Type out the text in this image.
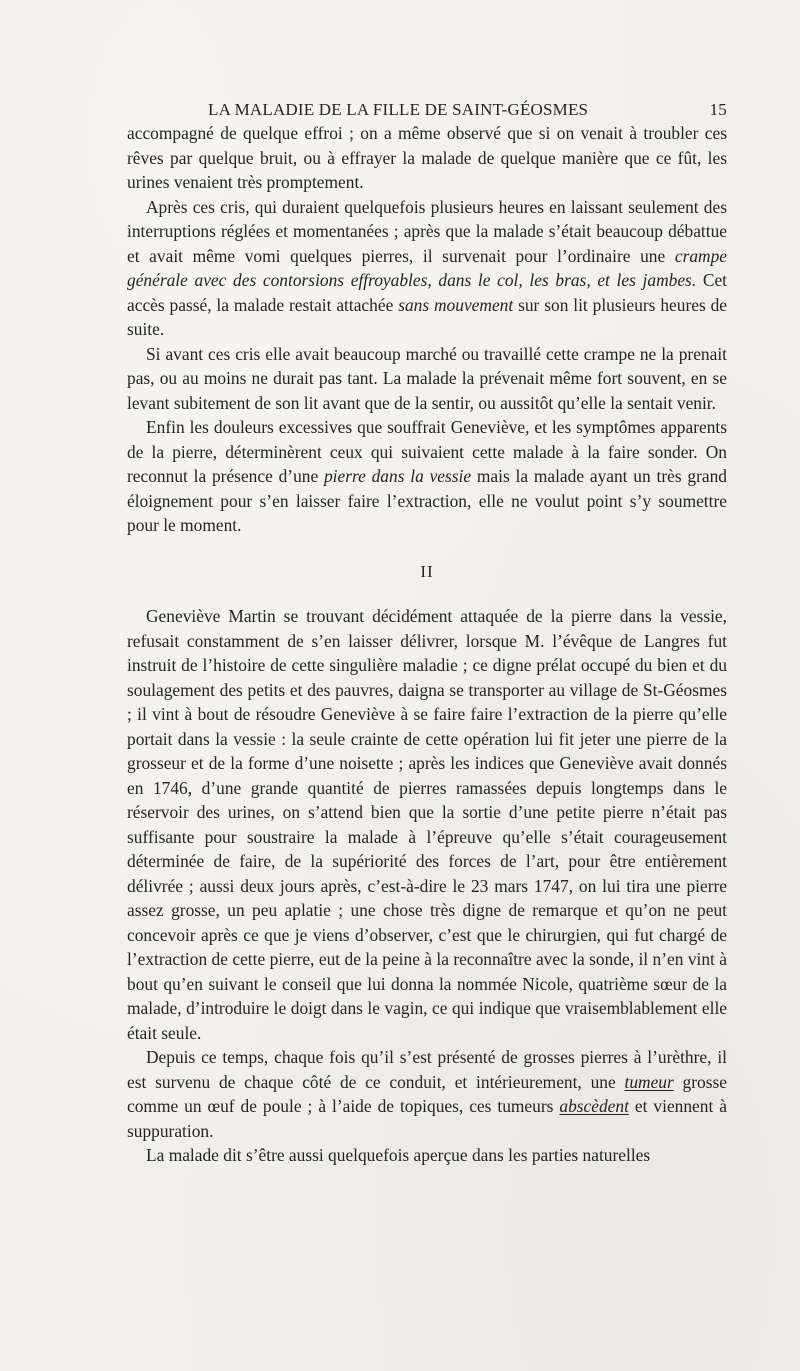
LA MALADIE DE LA FILLE DE SAINT-GÉOSMES	15

accompagné de quelque effroi ; on a même observé que si on venait à troubler ces rêves par quelque bruit, ou à effrayer la malade de quelque manière que ce fût, les urines venaient très promptement.

Après ces cris, qui duraient quelquefois plusieurs heures en laissant seulement des interruptions réglées et momentanées ; après que la malade s’était beaucoup débattue et avait même vomi quelques pierres, il survenait pour l’ordinaire une crampe générale avec des contorsions effroyables, dans le col, les bras, et les jambes. Cet accès passé, la malade restait attachée sans mouvement sur son lit plusieurs heures de suite.

Si avant ces cris elle avait beaucoup marché ou travaillé cette crampe ne la prenait pas, ou au moins ne durait pas tant. La malade la prévenait même fort souvent, en se levant subitement de son lit avant que de la sentir, ou aussitôt qu’elle la sentait venir.

Enfin les douleurs excessives que souffrait Geneviève, et les symptômes apparents de la pierre, déterminèrent ceux qui suivaient cette malade à la faire sonder. On reconnut la présence d’une pierre dans la vessie mais la malade ayant un très grand éloignement pour s’en laisser faire l’extraction, elle ne voulut point s’y soumettre pour le moment.

II

Geneviève Martin se trouvant décidément attaquée de la pierre dans la vessie, refusait constamment de s’en laisser délivrer, lorsque M. l’évêque de Langres fut instruit de l’histoire de cette singulière maladie ; ce digne prélat occupé du bien et du soulagement des petits et des pauvres, daigna se transporter au village de St-Géosmes ; il vint à bout de résoudre Geneviève à se faire faire l’extraction de la pierre qu’elle portait dans la vessie : la seule crainte de cette opération lui fit jeter une pierre de la grosseur et de la forme d’une noisette ; après les indices que Geneviève avait donnés en 1746, d’une grande quantité de pierres ramassées depuis longtemps dans le réservoir des urines, on s’attend bien que la sortie d’une petite pierre n’était pas suffisante pour soustraire la malade à l’épreuve qu’elle s’était courageusement déterminée de faire, de la supériorité des forces de l’art, pour être entièrement délivrée ; aussi deux jours après, c’est-à-dire le 23 mars 1747, on lui tira une pierre assez grosse, un peu aplatie ; une chose très digne de remarque et qu’on ne peut concevoir après ce que je viens d’observer, c’est que le chirurgien, qui fut chargé de l’extraction de cette pierre, eut de la peine à la reconnaître avec la sonde, il n’en vint à bout qu’en suivant le conseil que lui donna la nommée Nicole, quatrième sœur de la malade, d’introduire le doigt dans le vagin, ce qui indique que vraisemblablement elle était seule.

Depuis ce temps, chaque fois qu’il s’est présenté de grosses pierres à l’urèthre, il est survenu de chaque côté de ce conduit, et intérieurement, une tumeur grosse comme un œuf de poule ; à l’aide de topiques, ces tumeurs abscèdent et viennent à suppuration.

La malade dit s’être aussi quelquefois aperçue dans les parties naturelles
